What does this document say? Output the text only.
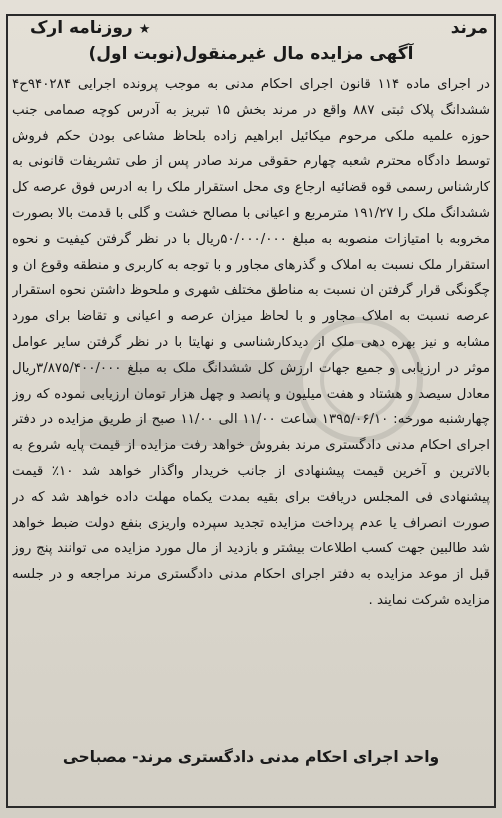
مرند
★روزنامه ارک
آگهی مزایده مال غیرمنقول(نوبت اول)

در اجرای ماده ۱۱۴ قانون اجرای احکام مدنی به موجب پرونده اجرایی ۹۴۰۲۸۴ح۴ ششدانگ پلاک ثبتی ۸۸۷ واقع در مرند بخش ۱۵ تبریز به آدرس کوچه صمامی جنب حوزه علمیه ملکی مرحوم میکائیل ابراهیم زاده بلحاظ مشاعی بودن حکم فروش توسط دادگاه محترم شعبه چهارم حقوقی مرند صادر پس از طی تشریفات قانونی به کارشناس رسمی قوه قضائیه ارجاع وی محل استقرار ملک را به ادرس فوق عرصه کل ششدانگ ملک را ۱۹۱/۲۷ مترمربع و اعیانی با مصالح خشت و گلی با قدمت بالا بصورت مخروبه با امتیازات منصوبه به مبلغ ۵۰/۰۰۰/۰۰۰ریال با در نظر گرفتن کیفیت و نحوه استقرار ملک نسبت به املاک و گذرهای مجاور و با توجه به کاربری و منطقه وقوع ان و چگونگی قرار گرفتن ان نسبت به مناطق مختلف شهری و ملحوظ داشتن نحوه استقرار عرصه نسبت به املاک مجاور و با لحاظ میزان عرصه و اعیانی و تقاضا برای مورد مشابه و نیز بهره دهی ملک از دیدکارشناسی و نهایتا با در نظر گرفتن سایر عوامل موثر در ارزیابی و جمیع جهات ارزش کل ششدانگ ملک به مبلغ ۳/۸۷۵/۴۰۰/۰۰۰ریال معادل سیصد و هشتاد و هفت میلیون و پانصد و چهل هزار تومان ارزیابی نموده که روز چهارشنبه مورخه: ۱۳۹۵/۰۶/۱۰ ساعت ۱۱/۰۰ الی ۱۱/۰۰ صبح از طریق مزایده در دفتر اجرای احکام مدنی دادگستری مرند بفروش خواهد رفت مزایده از قیمت پایه شروع به بالاترین و آخرین قیمت پیشنهادی از جانب خریدار واگذار خواهد شد ۱۰٪ قیمت پیشنهادی فی المجلس دریافت برای بقیه بمدت یکماه مهلت داده خواهد شد که در صورت انصراف یا عدم پرداخت مزایده تجدید سپرده واریزی بنفع دولت ضبط خواهد شد طالبین جهت کسب اطلاعات بیشتر و بازدید از مال مورد مزایده می توانند پنج روز قبل از موعد مزایده به دفتر اجرای احکام مدنی دادگستری مرند مراجعه و در جلسه مزایده شرکت نمایند .

واحد اجرای احکام مدنی دادگستری مرند- مصباحی
